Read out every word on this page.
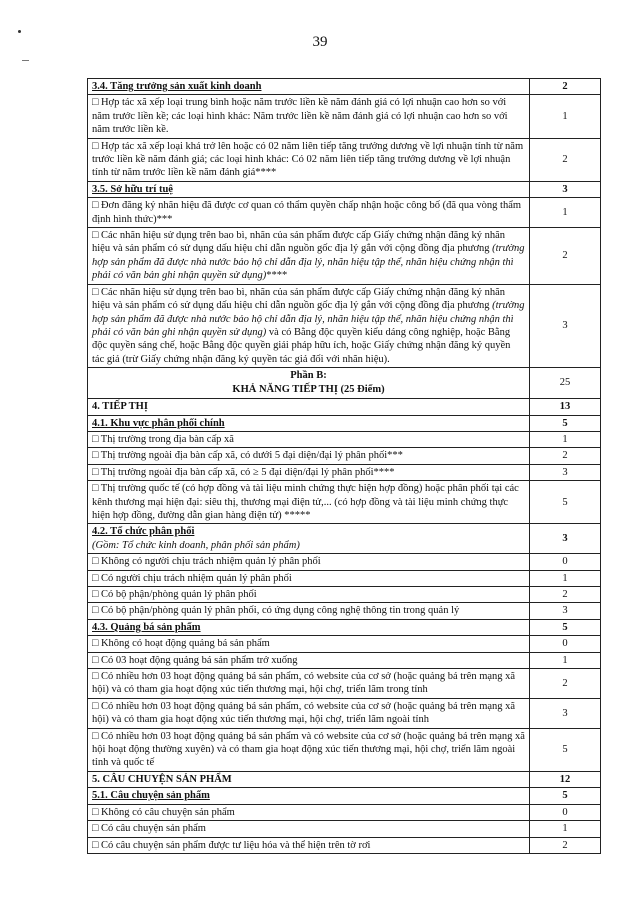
39
3.4. Tăng trưởng sản xuất kinh doanh	2
□ Hợp tác xã xếp loại trung bình hoặc năm trước liền kề năm đánh giá có lợi nhuận cao hơn so với năm trước liền kề; các loại hình khác: Năm trước liền kề năm đánh giá có lợi nhuận cao hơn so với năm trước liền kề.	1
□ Hợp tác xã xếp loại khá trở lên hoặc có 02 năm liên tiếp tăng trưởng dương về lợi nhuận tính từ năm trước liền kề năm đánh giá; các loại hình khác: Có 02 năm liên tiếp tăng trưởng dương về lợi nhuận tính từ năm trước liền kề năm đánh giá****	2
3.5. Sở hữu trí tuệ	3
□ Đơn đăng ký nhãn hiệu đã được cơ quan có thẩm quyền chấp nhận hoặc công bố (đã qua vòng thẩm định hình thức)***	1
□ Các nhãn hiệu sử dụng trên bao bì, nhãn của sản phẩm được cấp Giấy chứng nhận đăng ký nhãn hiệu và sản phẩm có sử dụng dấu hiệu chỉ dẫn nguồn gốc địa lý gắn với cộng đồng địa phương (trường hợp sản phẩm đã được nhà nước bảo hộ chỉ dẫn địa lý, nhãn hiệu tập thể, nhãn hiệu chứng nhận thì phải có văn bản ghi nhận quyền sử dụng)****	2
□ Các nhãn hiệu sử dụng trên bao bì, nhãn của sản phẩm được cấp Giấy chứng nhận đăng ký nhãn hiệu và sản phẩm có sử dụng dấu hiệu chỉ dẫn nguồn gốc địa lý gắn với cộng đồng địa phương (trường hợp sản phẩm đã được nhà nước bảo hộ chỉ dẫn địa lý, nhãn hiệu tập thể, nhãn hiệu chứng nhận thì phải có văn bản ghi nhận quyền sử dụng) và có Bằng độc quyền kiểu dáng công nghiệp, hoặc Bằng độc quyền sáng chế, hoặc Bằng độc quyền giải pháp hữu ích, hoặc Giấy chứng nhận đăng ký quyền tác giả (trừ Giấy chứng nhận đăng ký quyền tác giả đối với nhãn hiệu).	3

Phần B:
KHẢ NĂNG TIẾP THỊ (25 Điểm)	25
4. TIẾP THỊ	13
4.1. Khu vực phân phối chính	5
□ Thị trường trong địa bàn cấp xã	1
□ Thị trường ngoài địa bàn cấp xã, có dưới 5 đại diện/đại lý phân phối***	2
□ Thị trường ngoài địa bàn cấp xã, có ≥ 5 đại diện/đại lý phân phối****	3
□ Thị trường quốc tế (có hợp đồng và tài liệu minh chứng thực hiện hợp đồng) hoặc phân phối tại các kênh thương mại hiện đại: siêu thị, thương mại điện tử,... (có hợp đồng và tài liệu minh chứng thực hiện hợp đồng, đường dẫn gian hàng điện tử) *****	5
4.2. Tổ chức phân phối
(Gồm: Tổ chức kinh doanh, phân phối sản phẩm)	3
□ Không có người chịu trách nhiệm quản lý phân phối	0
□ Có người chịu trách nhiệm quản lý phân phối	1
□ Có bộ phận/phòng quản lý phân phối	2
□ Có bộ phận/phòng quản lý phân phối, có ứng dụng công nghệ thông tin trong quản lý	3
4.3. Quảng bá sản phẩm	5
□ Không có hoạt động quảng bá sản phẩm	0
□ Có 03 hoạt động quảng bá sản phẩm trở xuống	1
□ Có nhiều hơn 03 hoạt động quảng bá sản phẩm, có website của cơ sở (hoặc quảng bá trên mạng xã hội) và có tham gia hoạt động xúc tiến thương mại, hội chợ, triển lãm trong tỉnh	2
□ Có nhiều hơn 03 hoạt động quảng bá sản phẩm, có website của cơ sở (hoặc quảng bá trên mạng xã hội) và có tham gia hoạt động xúc tiến thương mại, hội chợ, triển lãm ngoài tỉnh	3
□ Có nhiều hơn 03 hoạt động quảng bá sản phẩm và có website của cơ sở (hoặc quảng bá trên mạng xã hội hoạt động thường xuyên) và có tham gia hoạt động xúc tiến thương mại, hội chợ, triển lãm ngoài tỉnh và quốc tế	5
5. CÂU CHUYỆN SẢN PHẨM	12
5.1. Câu chuyện sản phẩm	5
□ Không có câu chuyện sản phẩm	0
□ Có câu chuyện sản phẩm	1
□ Có câu chuyện sản phẩm được tư liệu hóa và thể hiện trên tờ rơi	2
